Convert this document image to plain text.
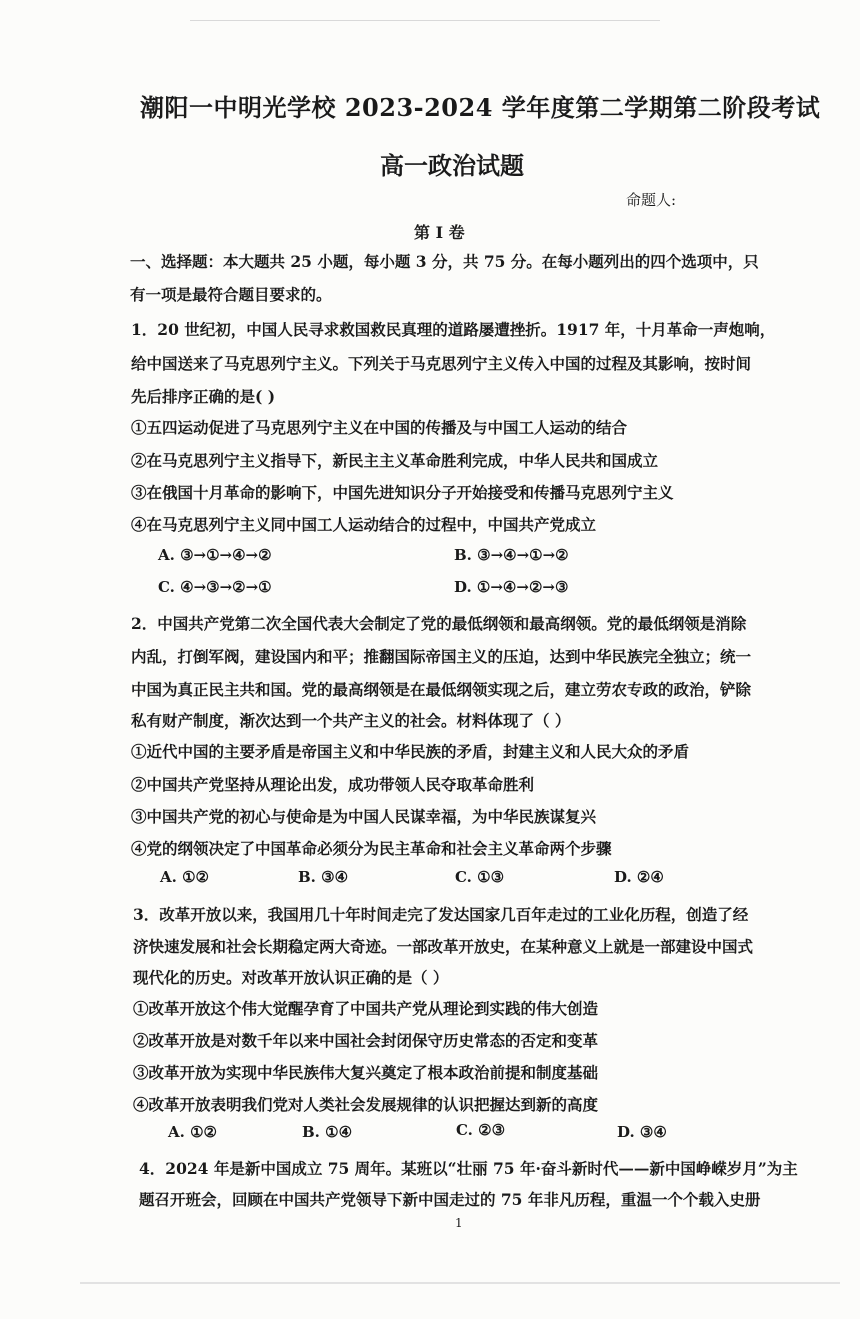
潮阳一中明光学校 2023-2024 学年度第二学期第二阶段考试
高一政治试题
命题人:
第 I 卷
一、选择题：本大题共 25 小题，每小题 3 分，共 75 分。在每小题列出的四个选项中，只
有一项是最符合题目要求的。
1．20 世纪初，中国人民寻求救国救民真理的道路屡遭挫折。1917 年，十月革命一声炮响，
给中国送来了马克思列宁主义。下列关于马克思列宁主义传入中国的过程及其影响，按时间
先后排序正确的是( )
①五四运动促进了马克思列宁主义在中国的传播及与中国工人运动的结合
②在马克思列宁主义指导下，新民主主义革命胜利完成，中华人民共和国成立
③在俄国十月革命的影响下，中国先进知识分子开始接受和传播马克思列宁主义
④在马克思列宁主义同中国工人运动结合的过程中，中国共产党成立
A. ③→①→④→②	B. ③→④→①→②
C. ④→③→②→①	D. ①→④→②→③
2．中国共产党第二次全国代表大会制定了党的最低纲领和最高纲领。党的最低纲领是消除
内乱，打倒军阀，建设国内和平；推翻国际帝国主义的压迫，达到中华民族完全独立；统一
中国为真正民主共和国。党的最高纲领是在最低纲领实现之后，建立劳农专政的政治，铲除
私有财产制度，渐次达到一个共产主义的社会。材料体现了（ ）
①近代中国的主要矛盾是帝国主义和中华民族的矛盾，封建主义和人民大众的矛盾
②中国共产党坚持从理论出发，成功带领人民夺取革命胜利
③中国共产党的初心与使命是为中国人民谋幸福，为中华民族谋复兴
④党的纲领决定了中国革命必须分为民主革命和社会主义革命两个步骤
A. ①②	B. ③④	C. ①③	D. ②④
3．改革开放以来，我国用几十年时间走完了发达国家几百年走过的工业化历程，创造了经
济快速发展和社会长期稳定两大奇迹。一部改革开放史，在某种意义上就是一部建设中国式
现代化的历史。对改革开放认识正确的是（ ）
①改革开放这个伟大觉醒孕育了中国共产党从理论到实践的伟大创造
②改革开放是对数千年以来中国社会封闭保守历史常态的否定和变革
③改革开放为实现中华民族伟大复兴奠定了根本政治前提和制度基础
④改革开放表明我们党对人类社会发展规律的认识把握达到新的高度
A. ①②	B. ①④	C. ②③	D. ③④
4．2024 年是新中国成立 75 周年。某班以“壮丽 75 年·奋斗新时代——新中国峥嵘岁月”为主
题召开班会，回顾在中国共产党领导下新中国走过的 75 年非凡历程，重温一个个载入史册
1
